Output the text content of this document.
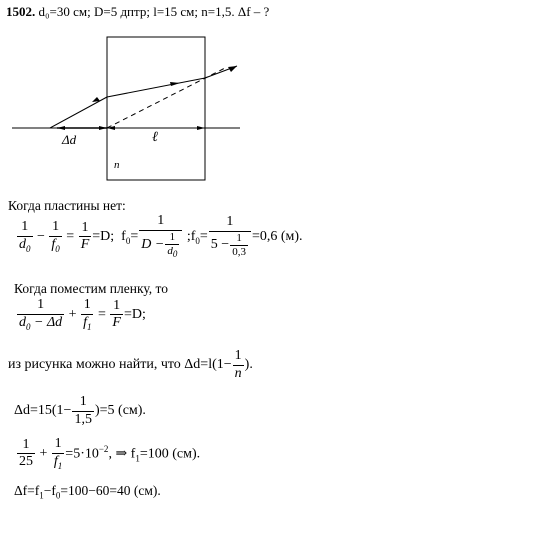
1502. d₀=30 см; D=5 дптр; l=15 см; n=1,5. Δf – ?
Δd	ℓ
n
Когда пластины нет:
$\frac{1}{d_0} - \frac{1}{f_0} = \frac{1}{F} =D$;
$f_0= \frac{1}{D - \frac{1}{d_0}}$ $;f_0= \frac{1}{5 - \frac{1}{0,3}} =0,6$ (м).
Когда поместим пленку, то
$\frac{1}{d_0 - \Delta d} + \frac{1}{f_1} = \frac{1}{F} =D$;
из рисунка можно найти, что $\Delta d=l(1- \frac{1}{n}$ ).
$\Delta d=15(1- \frac{1}{1,5} )=5$ (см).
$\frac{1}{25} + \frac{1}{f_1} =5\cdot 10^{-2}$, ⇒ $f_1=100$ (см).
$\Delta f=f_1-f_0=100-60=40$ (см).
